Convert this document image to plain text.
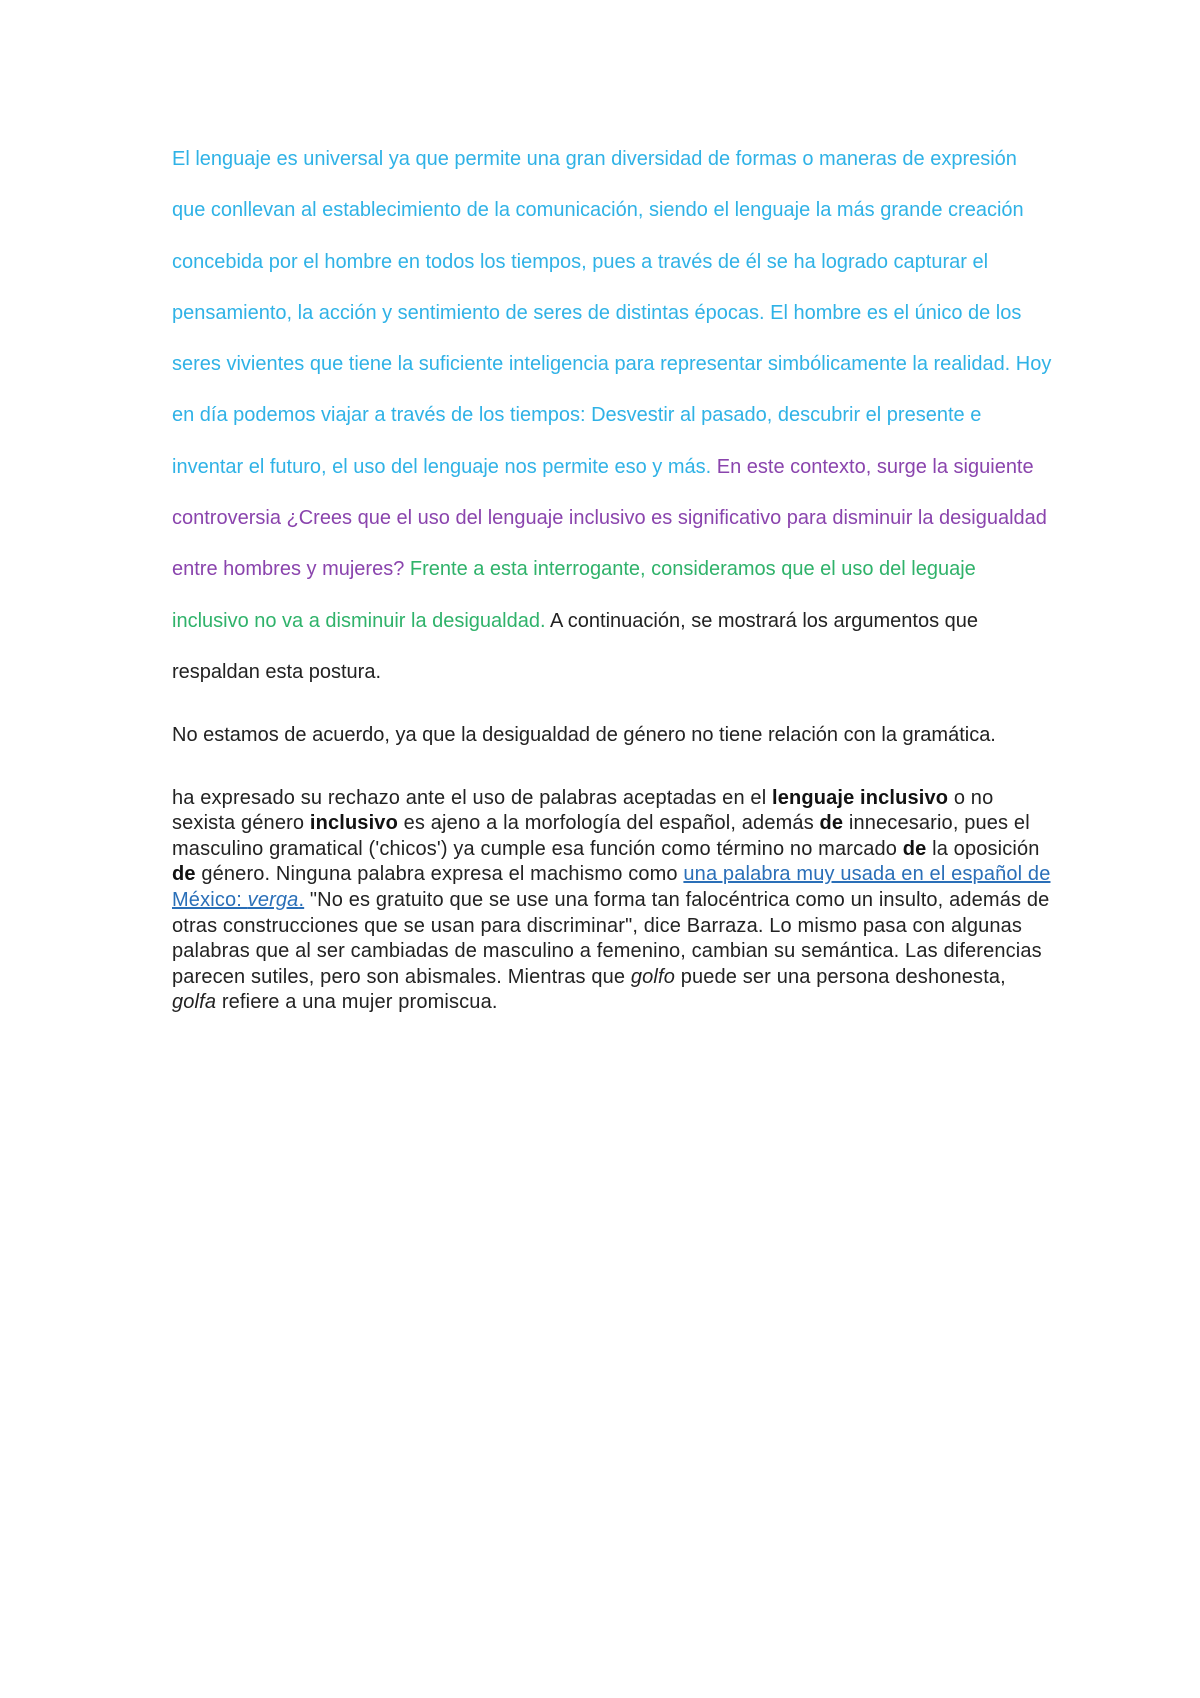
El lenguaje es universal ya que permite una gran diversidad de formas o maneras de expresión que conllevan al establecimiento de la comunicación, siendo el lenguaje la más grande creación concebida por el hombre en todos los tiempos, pues a través de él se ha logrado capturar el pensamiento, la acción y sentimiento de seres de distintas épocas. El hombre es el único de los seres vivientes que tiene la suficiente inteligencia para representar simbólicamente la realidad. Hoy en día podemos viajar a través de los tiempos: Desvestir al pasado, descubrir el presente e inventar el futuro, el uso del lenguaje nos permite eso y más. En este contexto, surge la siguiente controversia ¿Crees que el uso del lenguaje inclusivo es significativo para disminuir la desigualdad entre hombres y mujeres? Frente a esta interrogante, consideramos que el uso del leguaje inclusivo no va a disminuir la desigualdad. A continuación, se mostrará los argumentos que respaldan esta postura.

No estamos de acuerdo, ya que la desigualdad de género no tiene relación con la gramática.

ha expresado su rechazo ante el uso de palabras aceptadas en el lenguaje inclusivo o no sexista género inclusivo es ajeno a la morfología del español, además de innecesario, pues el masculino gramatical ('chicos') ya cumple esa función como término no marcado de la oposición de género. Ninguna palabra expresa el machismo como una palabra muy usada en el español de México: verga. "No es gratuito que se use una forma tan falocéntrica como un insulto, además de otras construcciones que se usan para discriminar", dice Barraza. Lo mismo pasa con algunas palabras que al ser cambiadas de masculino a femenino, cambian su semántica. Las diferencias parecen sutiles, pero son abismales. Mientras que golfo puede ser una persona deshonesta, golfa refiere a una mujer promiscua.
